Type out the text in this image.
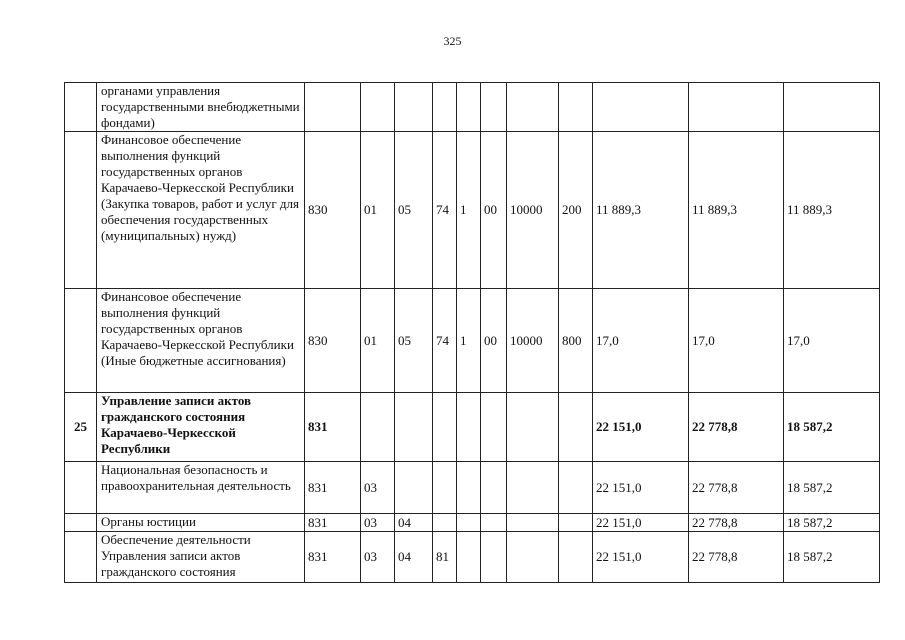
325
	органами управления государственными внебюджетными фондами)											
	Финансовое обеспечение выполнения функций государственных органов Карачаево-Черкесской Республики (Закупка товаров, работ и услуг для обеспечения государственных (муниципальных) нужд)	830	01	05	74	1	00	10000	200	11 889,3	11 889,3	11 889,3
	Финансовое обеспечение выполнения функций государственных органов Карачаево-Черкесской Республики (Иные бюджетные ассигнования)	830	01	05	74	1	00	10000	800	17,0	17,0	17,0
25	Управление записи актов гражданского состояния Карачаево-Черкесской Республики	831								22 151,0	22 778,8	18 587,2
	Национальная безопасность и правоохранительная деятельность	831	03							22 151,0	22 778,8	18 587,2
	Органы юстиции	831	03	04						22 151,0	22 778,8	18 587,2
	Обеспечение деятельности Управления записи актов гражданского состояния	831	03	04	81					22 151,0	22 778,8	18 587,2
